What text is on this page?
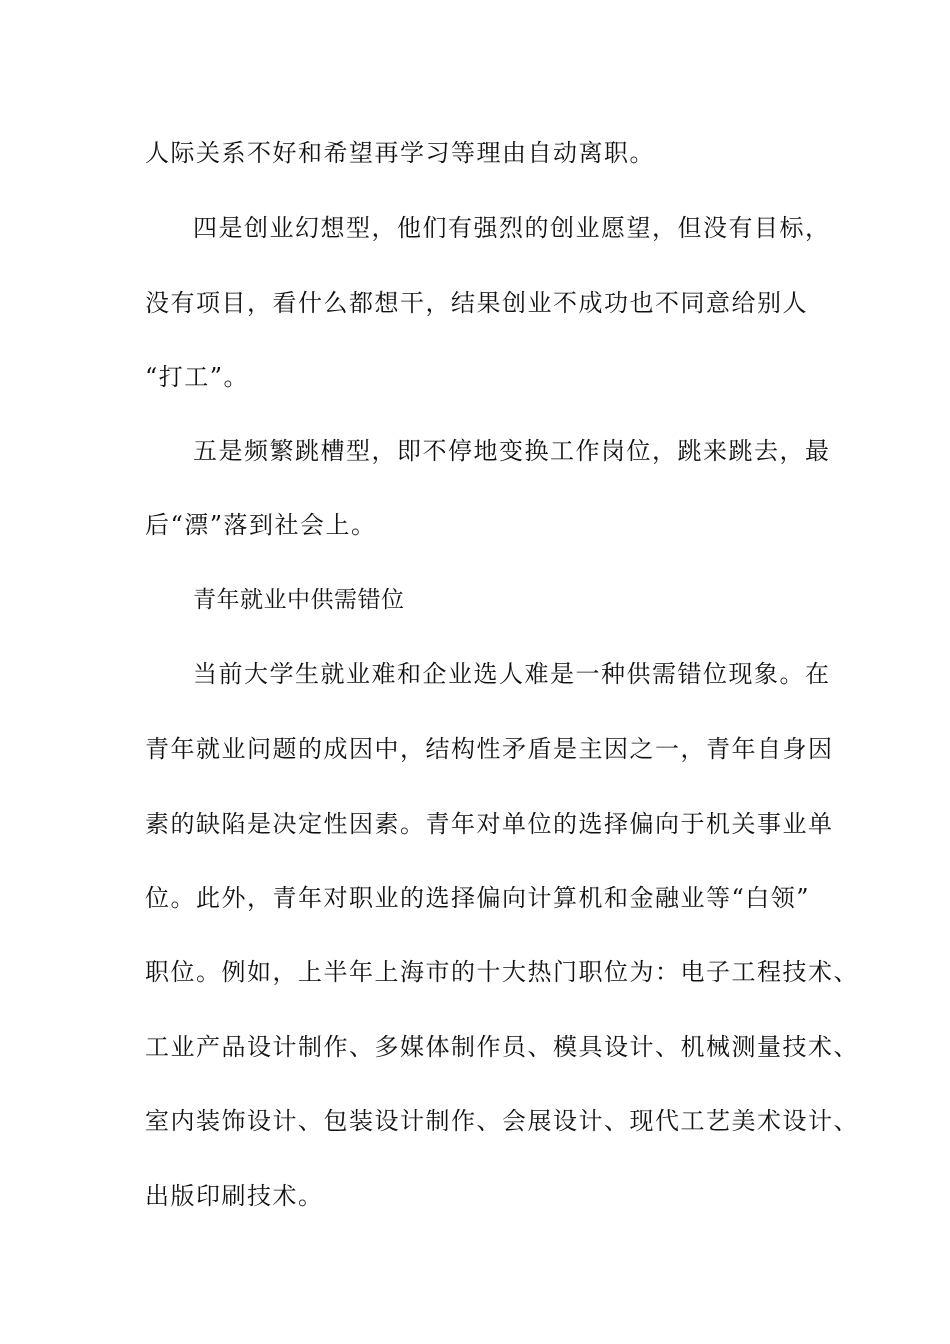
人际关系不好和希望再学习等理由自动离职。
四是创业幻想型，他们有强烈的创业愿望，但没有目标，
没有项目，看什么都想干，结果创业不成功也不同意给别人
“打工”。
五是频繁跳槽型，即不停地变换工作岗位，跳来跳去，最
后“漂”落到社会上。
青年就业中供需错位
当前大学生就业难和企业选人难是一种供需错位现象。在
青年就业问题的成因中，结构性矛盾是主因之一，青年自身因
素的缺陷是决定性因素。青年对单位的选择偏向于机关事业单
位。此外，青年对职业的选择偏向计算机和金融业等“白领”
职位。例如，上半年上海市的十大热门职位为：电子工程技术、
工业产品设计制作、多媒体制作员、模具设计、机械测量技术、
室内装饰设计、包装设计制作、会展设计、现代工艺美术设计、
出版印刷技术。
